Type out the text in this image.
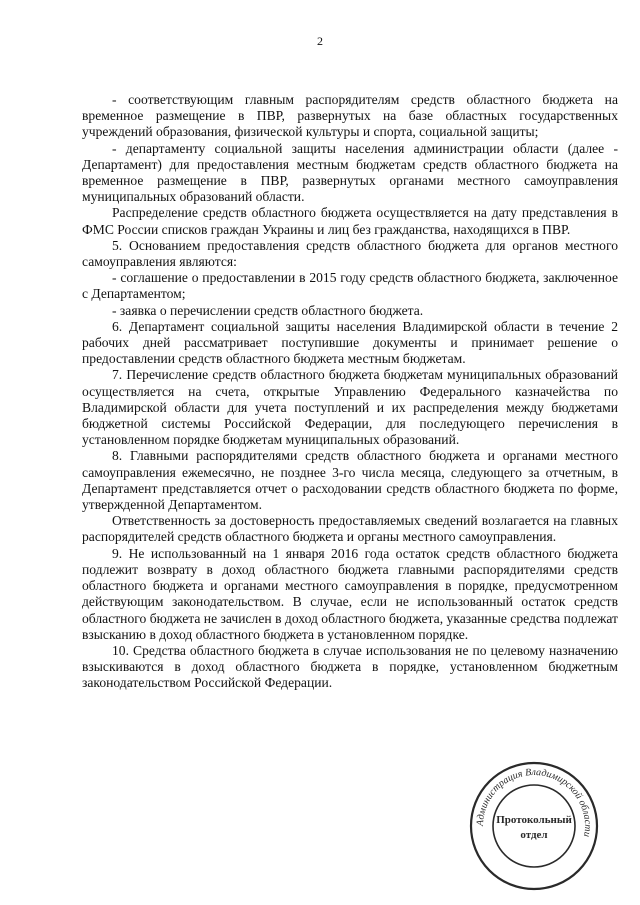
2

- соответствующим главным распорядителям средств областного бюджета на временное размещение в ПВР, развернутых на базе областных государственных учреждений образования, физической культуры и спорта, социальной защиты;

- департаменту социальной защиты населения администрации области (далее - Департамент) для предоставления местным бюджетам средств областного бюджета на временное размещение в ПВР, развернутых органами местного самоуправления муниципальных образований области.

Распределение средств областного бюджета осуществляется на дату представления в ФМС России списков граждан Украины и лиц без гражданства, находящихся в ПВР.

5. Основанием предоставления средств областного бюджета для органов местного самоуправления являются:

- соглашение о предоставлении в 2015 году средств областного бюджета, заключенное с Департаментом;

- заявка о перечислении средств областного бюджета.

6. Департамент социальной защиты населения Владимирской области в течение 2 рабочих дней рассматривает поступившие документы и принимает решение о предоставлении средств областного бюджета местным бюджетам.

7. Перечисление средств областного бюджета бюджетам муниципальных образований осуществляется на счета, открытые Управлению Федерального казначейства по Владимирской области для учета поступлений и их распределения между бюджетами бюджетной системы Российской Федерации, для последующего перечисления в установленном порядке бюджетам муниципальных образований.

8. Главными распорядителями средств областного бюджета и органами местного самоуправления ежемесячно, не позднее 3-го числа месяца, следующего за отчетным, в Департамент представляется отчет о расходовании средств областного бюджета по форме, утвержденной Департаментом.

Ответственность за достоверность предоставляемых сведений возлагается на главных распорядителей средств областного бюджета и органы местного самоуправления.

9. Не использованный на 1 января 2016 года остаток средств областного бюджета подлежит возврату в доход областного бюджета главными распорядителями средств областного бюджета и органами местного самоуправления в порядке, предусмотренном действующим законодательством. В случае, если не использованный остаток средств областного бюджета не зачислен в доход областного бюджета, указанные средства подлежат взысканию в доход областного бюджета в установленном порядке.

10. Средства областного бюджета в случае использования не по целевому назначению взыскиваются в доход областного бюджета в порядке, установленном бюджетным законодательством Российской Федерации.

Администрация Владимирской области
Протокольный
отдел
